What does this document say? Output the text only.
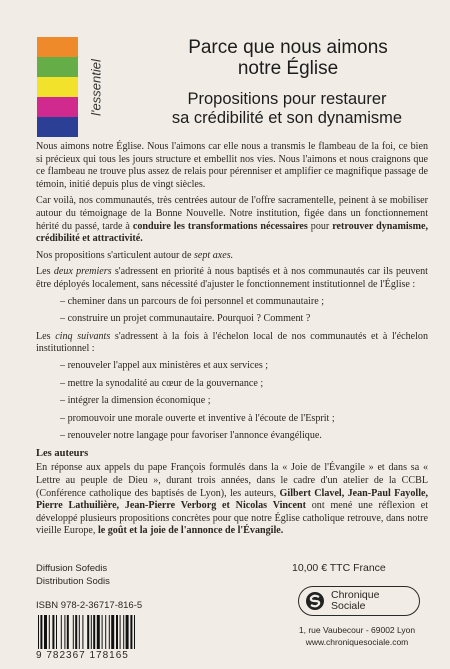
l'essentiel
Parce que nous aimons
notre Église
Propositions pour restaurer
sa crédibilité et son dynamisme

Nous aimons notre Église. Nous l'aimons car elle nous a transmis le flambeau de la foi, ce bien si précieux qui tous les jours structure et embellit nos vies. Nous l'aimons et nous craignons que ce flambeau ne trouve plus assez de relais pour pérenniser et amplifier ce magnifique passage de témoin, initié depuis plus de vingt siècles.

Car voilà, nos communautés, très centrées autour de l'offre sacramentelle, peinent à se mobiliser autour du témoignage de la Bonne Nouvelle. Notre institution, figée dans un fonctionnement hérité du passé, tarde à conduire les transformations nécessaires pour retrouver dynamisme, crédibilité et attractivité.

Nos propositions s'articulent autour de sept axes.

Les deux premiers s'adressent en priorité à nous baptisés et à nos communautés car ils peuvent être déployés localement, sans nécessité d'ajuster le fonctionnement institutionnel de l'Église :

– cheminer dans un parcours de foi personnel et communautaire ;
– construire un projet communautaire. Pourquoi ? Comment ?

Les cinq suivants s'adressent à la fois à l'échelon local de nos communautés et à l'échelon institutionnel :

– renouveler l'appel aux ministères et aux services ;
– mettre la synodalité au cœur de la gouvernance ;
– intégrer la dimension économique ;
– promouvoir une morale ouverte et inventive à l'écoute de l'Esprit ;
– renouveler notre langage pour favoriser l'annonce évangélique.
Les auteurs

En réponse aux appels du pape François formulés dans la « Joie de l'Évangile » et dans sa « Lettre au peuple de Dieu », durant trois années, dans le cadre d'un atelier de la CCBL (Conférence catholique des baptisés de Lyon), les auteurs, Gilbert Clavel, Jean-Paul Fayolle, Pierre Lathuilière, Jean-Pierre Verborg et Nicolas Vincent ont mené une réflexion et développé plusieurs propositions concrètes pour que notre Église catholique retrouve, dans notre vieille Europe, le goût et la joie de l'annonce de l'Évangile.

Diffusion Sofedis
Distribution Sodis
ISBN 978-2-36717-816-5
9 782367 178165
10,00 € TTC France
Chronique
Sociale
1, rue Vaubecour - 69002 Lyon
www.chroniquesociale.com
